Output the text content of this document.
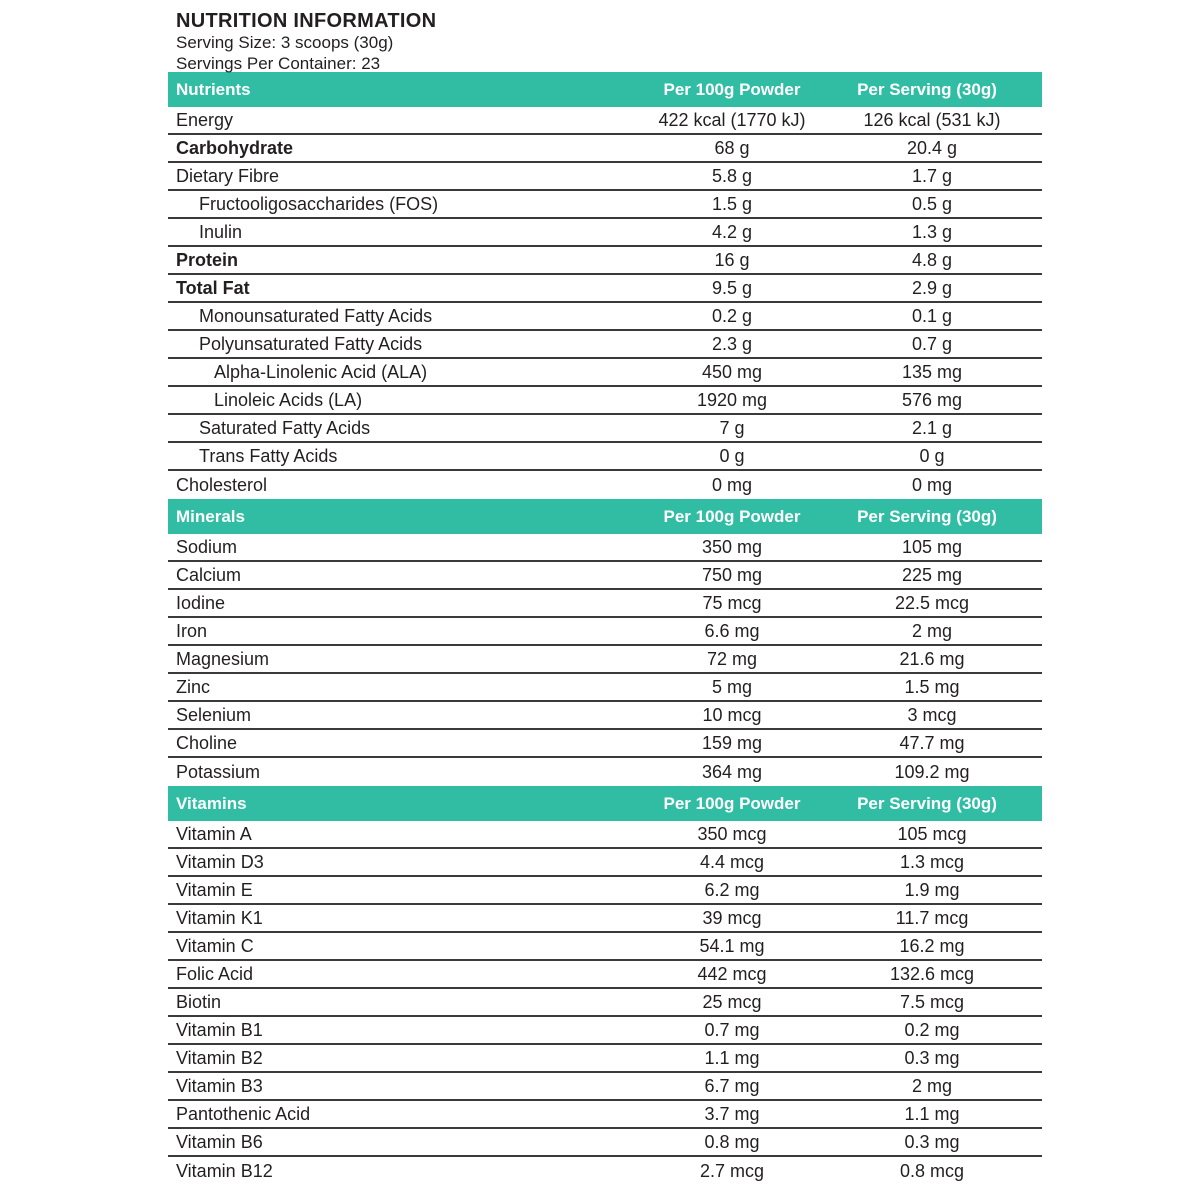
NUTRITION INFORMATION
Serving Size: 3 scoops (30g)
Servings Per Container: 23
Nutrients	Per 100g Powder	Per Serving (30g)
Energy	422 kcal (1770 kJ)	126 kcal (531 kJ)
Carbohydrate	68 g	20.4 g
Dietary Fibre	5.8 g	1.7 g
Fructooligosaccharides (FOS)	1.5 g	0.5 g
Inulin	4.2 g	1.3 g
Protein	16 g	4.8 g
Total Fat	9.5 g	2.9 g
Monounsaturated Fatty Acids	0.2 g	0.1 g
Polyunsaturated Fatty Acids	2.3 g	0.7 g
Alpha-Linolenic Acid (ALA)	450 mg	135 mg
Linoleic Acids (LA)	1920 mg	576 mg
Saturated Fatty Acids	7 g	2.1 g
Trans Fatty Acids	0 g	0 g
Cholesterol	0 mg	0 mg
Minerals	Per 100g Powder	Per Serving (30g)
Sodium	350 mg	105 mg
Calcium	750 mg	225 mg
Iodine	75 mcg	22.5 mcg
Iron	6.6 mg	2 mg
Magnesium	72 mg	21.6 mg
Zinc	5 mg	1.5 mg
Selenium	10 mcg	3 mcg
Choline	159 mg	47.7 mg
Potassium	364 mg	109.2 mg
Vitamins	Per 100g Powder	Per Serving (30g)
Vitamin A	350 mcg	105 mcg
Vitamin D3	4.4 mcg	1.3 mcg
Vitamin E	6.2 mg	1.9 mg
Vitamin K1	39 mcg	11.7 mcg
Vitamin C	54.1 mg	16.2 mg
Folic Acid	442 mcg	132.6 mcg
Biotin	25 mcg	7.5 mcg
Vitamin B1	0.7 mg	0.2 mg
Vitamin B2	1.1 mg	0.3 mg
Vitamin B3	6.7 mg	2 mg
Pantothenic Acid	3.7 mg	1.1 mg
Vitamin B6	0.8 mg	0.3 mg
Vitamin B12	2.7 mcg	0.8 mcg
